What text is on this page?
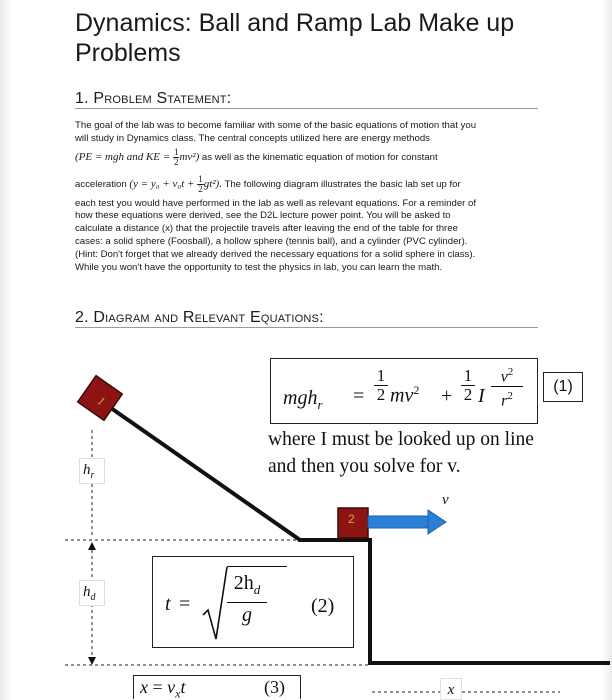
Dynamics: Ball and Ramp Lab Make up Problems
1. Problem Statement:
The goal of the lab was to become familiar with some of the basic equations of motion that you
will study in Dynamics class. The central concepts utilized here are energy methods
(PE = mgh and KE = $\frac{1}{2} mv^2$) as well as the kinematic equation of motion for constant
acceleration $(y = y_0 + v_0t + \frac{1}{2} gt^2)$. The following diagram illustrates the basic lab set up for
each test you would have performed in the lab as well as relevant equations. For a reminder of
how these equations were derived, see the D2L lecture power point. You will be asked to
calculate a distance (x) that the projectile travels after leaving the end of the table for three
cases: a solid sphere (Foosball), a hollow sphere (tennis ball), and a cylinder (PVC cylinder).
(Hint: Don't forget that we already derived the necessary equations for a solid sphere in class).
While you won't have the opportunity to test the physics in lab, you can learn the math.
2. Diagram and Relevant Equations:
1
2
v
$h_r$
$h_d$
x
$mgh_r = \frac{1}{2} mv^2 + \frac{1}{2}$ I $\frac{v^2}{r^2}$	(1)
where I must be looked up on line
and then you solve for v.
$t = \frac{2h_d}{g} (2)$
$x = v_xt$	(3)
